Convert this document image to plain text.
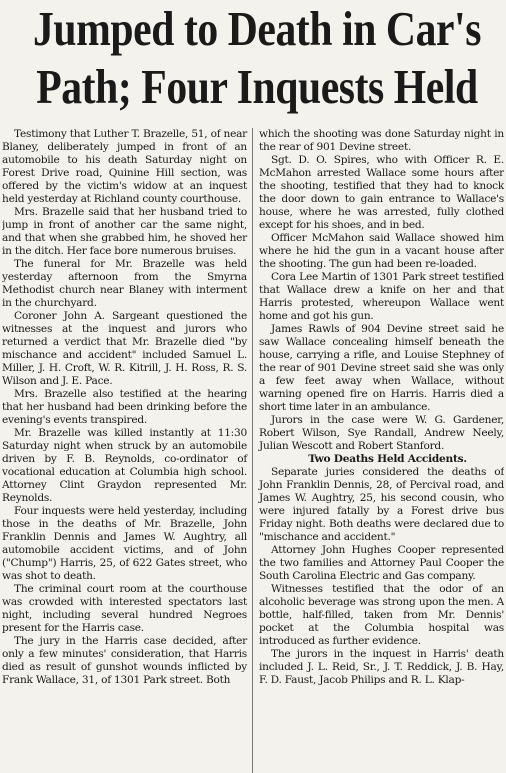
Jumped to Death in Car's
Path; Four Inquests Held

Testimony that Luther T. Brazelle, 51, of near Blaney, deliberately jumped in front of an automobile to his death Saturday night on Forest Drive road, Quinine Hill section, was offered by the victim's widow at an inquest held yesterday at Richland county courthouse.

Mrs. Brazelle said that her husband tried to jump in front of another car the same night, and that when she grabbed him, he shoved her in the ditch. Her face bore numerous bruises.

The funeral for Mr. Brazelle was held yesterday afternoon from the Smyrna Methodist church near Blaney with interment in the churchyard.

Coroner John A. Sargeant questioned the witnesses at the inquest and jurors who returned a verdict that Mr. Brazelle died "by mischance and accident" included Samuel L. Miller, J. H. Croft, W. R. Kitrill, J. H. Ross, R. S. Wilson and J. E. Pace.

Mrs. Brazelle also testified at the hearing that her husband had been drinking before the evening's events transpired.

Mr. Brazelle was killed instantly at 11:30 Saturday night when struck by an automobile driven by F. B. Reynolds, co-ordinator of vocational education at Columbia high school. Attorney Clint Graydon represented Mr. Reynolds.

Four inquests were held yesterday, including those in the deaths of Mr. Brazelle, John Franklin Dennis and James W. Aughtry, all automobile accident victims, and of John ("Chump") Harris, 25, of 622 Gates street, who was shot to death.

The criminal court room at the courthouse was crowded with interested spectators last night, including several hundred Negroes present for the Harris case.

The jury in the Harris case decided, after only a few minutes' consideration, that Harris died as result of gunshot wounds inflicted by Frank Wallace, 31, of 1301 Park street. Both

which the shooting was done Saturday night in the rear of 901 Devine street.

Sgt. D. O. Spires, who with Officer R. E. McMahon arrested Wallace some hours after the shooting, testified that they had to knock the door down to gain entrance to Wallace's house, where he was arrested, fully clothed except for his shoes, and in bed.

Officer McMahon said Wallace showed him where he hid the gun in a vacant house after the shooting. The gun had been re-loaded.

Cora Lee Martin of 1301 Park street testified that Wallace drew a knife on her and that Harris protested, whereupon Wallace went home and got his gun.

James Rawls of 904 Devine street said he saw Wallace concealing himself beneath the house, carrying a rifle, and Louise Stephney of the rear of 901 Devine street said she was only a few feet away when Wallace, without warning opened fire on Harris. Harris died a short time later in an ambulance.

Jurors in the case were W. G. Gardener, Robert Wilson, Sye Randall, Andrew Neely, Julian Wescott and Robert Stanford.

Two Deaths Held Accidents.

Separate juries considered the deaths of John Franklin Dennis, 28, of Percival road, and James W. Aughtry, 25, his second cousin, who were injured fatally by a Forest drive bus Friday night. Both deaths were declared due to "mischance and accident."

Attorney John Hughes Cooper represented the two families and Attorney Paul Cooper the South Carolina Electric and Gas company.

Witnesses testified that the odor of an alcoholic beverage was strong upon the men. A bottle, half-filled, taken from Mr. Dennis' pocket at the Columbia hospital was introduced as further evidence.

The jurors in the inquest in Harris' death included J. L. Reid, Sr., J. T. Reddick, J. B. Hay, F. D. Faust, Jacob Philips and R. L. Klap-
